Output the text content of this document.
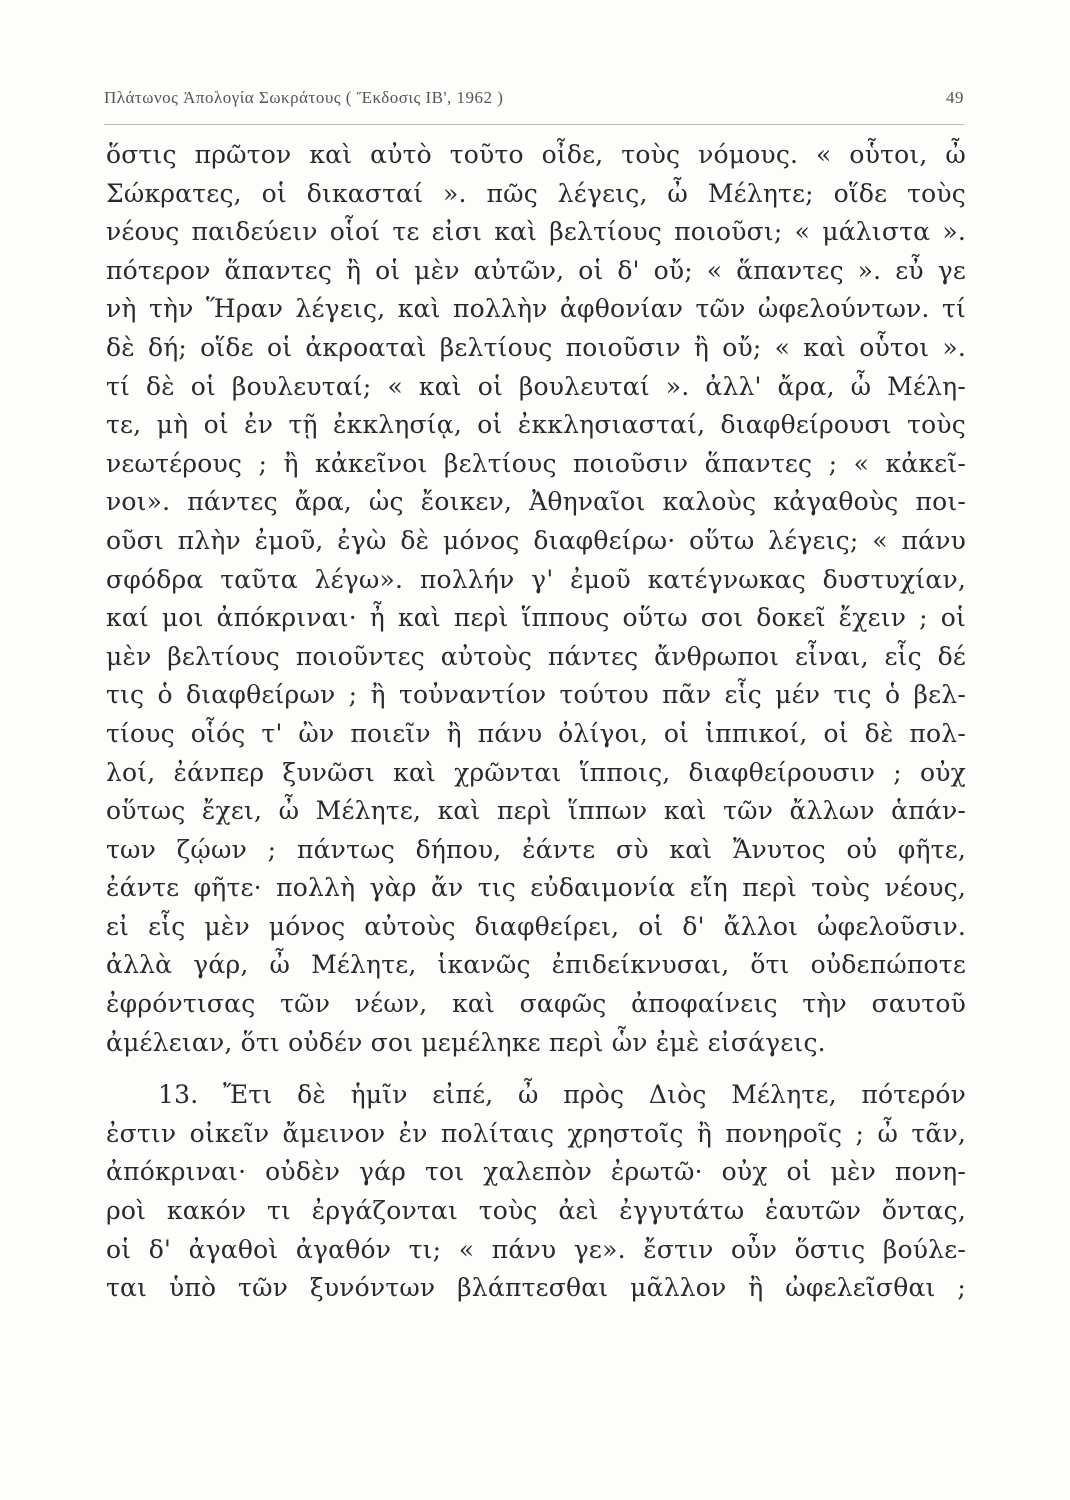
Πλάτωνος Ἀπολογία Σωκράτους ( Ἔκδοσις ΙΒ', 1962 )	49
ὅστις πρῶτον καὶ αὐτὸ τοῦτο οἶδε, τοὺς νόμους. « οὗτοι, ὦ
Σώκρατες, οἱ δικασταί ». πῶς λέγεις, ὦ Μέλητε; οἵδε τοὺς
νέους παιδεύειν οἷοί τε εἰσι καὶ βελτίους ποιοῦσι; « μάλιστα ».
πότερον ἅπαντες ἢ οἱ μὲν αὐτῶν, οἱ δ' οὔ; « ἅπαντες ». εὖ γε
νὴ τὴν Ἥραν λέγεις, καὶ πολλὴν ἀφθονίαν τῶν ὠφελούντων. τί
δὲ δή; οἵδε οἱ ἀκροαταὶ βελτίους ποιοῦσιν ἢ οὔ; « καὶ οὗτοι ».
τί δὲ οἱ βουλευταί; « καὶ οἱ βουλευταί ». ἀλλ' ἄρα, ὦ Μέλη-
τε, μὴ οἱ ἐν τῇ ἐκκλησίᾳ, οἱ ἐκκλησιασταί, διαφθείρουσι τοὺς
νεωτέρους ; ἢ κἀκεῖνοι βελτίους ποιοῦσιν ἅπαντες ; « κἀκεῖ-
νοι». πάντες ἄρα, ὡς ἔοικεν, Ἀθηναῖοι καλοὺς κἀγαθοὺς ποι-
οῦσι πλὴν ἐμοῦ, ἐγὼ δὲ μόνος διαφθείρω· οὕτω λέγεις; « πάνυ
σφόδρα ταῦτα λέγω». πολλήν γ' ἐμοῦ κατέγνωκας δυστυχίαν,
καί μοι ἀπόκριναι· ἦ καὶ περὶ ἵππους οὕτω σοι δοκεῖ ἔχειν ; οἱ
μὲν βελτίους ποιοῦντες αὐτοὺς πάντες ἄνθρωποι εἶναι, εἷς δέ
τις ὁ διαφθείρων ; ἢ τοὐναντίον τούτου πᾶν εἷς μέν τις ὁ βελ-
τίους οἷός τ' ὢν ποιεῖν ἢ πάνυ ὀλίγοι, οἱ ἱππικοί, οἱ δὲ πολ-
λοί, ἐάνπερ ξυνῶσι καὶ χρῶνται ἵπποις, διαφθείρουσιν ; οὐχ
οὕτως ἔχει, ὦ Μέλητε, καὶ περὶ ἵππων καὶ τῶν ἄλλων ἁπάν-
των ζῴων ; πάντως δήπου, ἐάντε σὺ καὶ Ἄνυτος οὐ φῆτε,
ἐάντε φῆτε· πολλὴ γὰρ ἄν τις εὐδαιμονία εἴη περὶ τοὺς νέους,
εἰ εἷς μὲν μόνος αὐτοὺς διαφθείρει, οἱ δ' ἄλλοι ὠφελοῦσιν.
ἀλλὰ γάρ, ὦ Μέλητε, ἱκανῶς ἐπιδείκνυσαι, ὅτι οὐδεπώποτε
ἐφρόντισας τῶν νέων, καὶ σαφῶς ἀποφαίνεις τὴν σαυτοῦ
ἀμέλειαν, ὅτι οὐδέν σοι μεμέληκε περὶ ὧν ἐμὲ εἰσάγεις.
13. Ἔτι δὲ ἡμῖν εἰπέ, ὦ πρὸς Διὸς Μέλητε, πότερόν
ἐστιν οἰκεῖν ἄμεινον ἐν πολίταις χρηστοῖς ἢ πονηροῖς ; ὦ τᾶν,
ἀπόκριναι· οὐδὲν γάρ τοι χαλεπὸν ἐρωτῶ· οὐχ οἱ μὲν πονη-
ροὶ κακόν τι ἐργάζονται τοὺς ἀεὶ ἐγγυτάτω ἑαυτῶν ὄντας,
οἱ δ' ἀγαθοὶ ἀγαθόν τι; « πάνυ γε». ἔστιν οὖν ὅστις βούλε-
ται ὑπὸ τῶν ξυνόντων βλάπτεσθαι μᾶλλον ἢ ὠφελεῖσθαι ;
